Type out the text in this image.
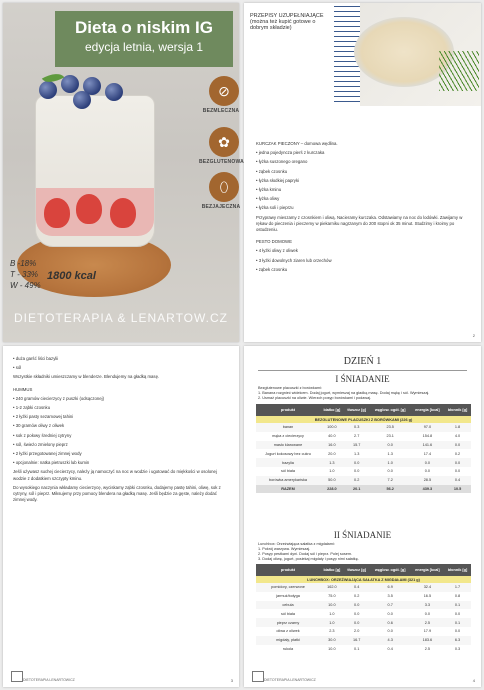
Dieta o niskim IG
edycja letnia, wersja 1
⊘
BEZMLECZNA
✿
BEZGLUTENOWA
⬯
BEZJAJECZNA
B -18%
T - 33%
W - 49%
1800 kcal
DIETOTERAPIA & LENARTOW.CZ
PRZEPISY UZUPEŁNIAJĄCE (można też kupić gotowe o dobrym składzie)

KURCZAK PIECZONY – domowa wędlina.

• jedna pojedyncza pierś z kurczaka

• łyżka suszonego oregano

• ząbek czosnku

• łyżka słodkiej papryki

• łyżka kminu

• łyżka oliwy

• łyżka soli i pieprzu

Przyprawy mieszamy z czosnkiem i oliwą. Nacieramy kurczaka. Odstawiamy na noc do lodówki. Zawijamy w rękaw do pieczenia i pieczemy w piekarniku nagrzanym do 200 stopni ok 35 minut. Studzimy i kroimy po ostudzeniu.

PESTO DOMOWE

• 4 łyżki oliwy z oliwek

• 3 łyżki dowolnych ziaren lub orzechów

• ząbek czosnku

2

• duża garść liści bazylii

• sól

Wszystkie składniki umieszczamy w blenderze. Blendujemy na gładką masę.

HUMMUS

• 240 gramów ciecierzycy z puszki (odsączonej)

• 1-2 ząbki czosnku

• 2 łyżki pasty sezamowej tahini

• 30 gramów oliwy z oliwek

• sok z połowy średniej cytryny

• sól, świeżo zmielony pieprz

• 2 łyżki przegotowanej zimnej wody

• opcjonalnie: natka pietruszki lub kumin

Jeśli używasz suchej ciecierzycy, należy ją namoczyć na noc w wodzie i ugotować do miękkości w osolonej wodzie z dodatkiem szczypty kminu.

Do wysokiego naczynia wkładamy ciecierzycę, wyciskamy ząbki czosnku, dodajemy pastę tahini, oliwę, sok z cytryny, sól i pieprz. Miksujemy przy pomocy blendera na gładką masę. Jeśli będzie za gęste, należy dodać zimnej wody.

DIETOTERAPIA LENARTOWICZ	3
DZIEŃ 1
I ŚNIADANIE
Bezglutenowe placuszki z borówkami:
1. Banana rozgnieć widelcem. Dodaj jogurt, wymieszaj na gładką masę. Dodaj mąkę i sól. Wymieszaj.
2. Usmaż placuszki na oliwie. Wierzch posyp borówkami i podawaj.
produkt	białko [g]	tłuszcz [g]	węglow. ogół. [g]	energia [kcal]	błonnik [g]
BEZGLUTENOWE PLACUSZKI Z BORÓWKAMI (226 g)					
banan	100.0	0.3	23.5	97.0	1.8
mąka z ciecierzycy	40.0	2.7	23.1	154.8	4.0
masło klarowane	16.0	15.7	0.0	141.6	0.0
Jogurt kokosowy bez cukru	20.0	1.3	1.3	17.4	0.2
bazylia	1.3	0.0	1.0	0.0	0.0
sól biała	1.0	0.0	0.0	0.0	0.0
borówka amerykańska	50.0	0.2	7.2	28.5	0.4
RAZEM	228.0	20.1	56.2	439.3	10.5
II ŚNIADANIE
Lunchbox: Orzeźwiająca sałatka z migdałami:
1. Pokrój warzywa. Wymieszaj.
2. Posyp pestkami dyni. Dodaj sól i pieprz. Polej sosem.
3. Dodaj oliwę, jogurt, posiekaj migdały i posyp nimi sałatkę.
produkt	białko [g]	tłuszcz [g]	węglow. ogół. [g]	energia [kcal]	błonnik [g]
LUNCHBOX: ORZEŹWIAJĄCA SAŁATKA Z MIGDAŁAMI (321 g)					
pomidory, czerwone	162.0	0.4	6.9	32.4	1.7
jarmuż/łodyga	75.0	0.2	3.5	16.5	0.8
cebula	10.0	0.0	0.7	3.3	0.1
sól biała	1.0	0.0	0.0	0.0	0.0
pieprz czarny	1.0	0.0	0.6	2.5	0.1
oliwa z oliwek	2.3	2.0	0.0	17.9	0.0
migdały, płatki	30.0	16.7	4.3	183.6	6.3
rukola	10.0	0.1	0.4	2.5	0.3
DIETOTERAPIA LENARTOWICZ	4
